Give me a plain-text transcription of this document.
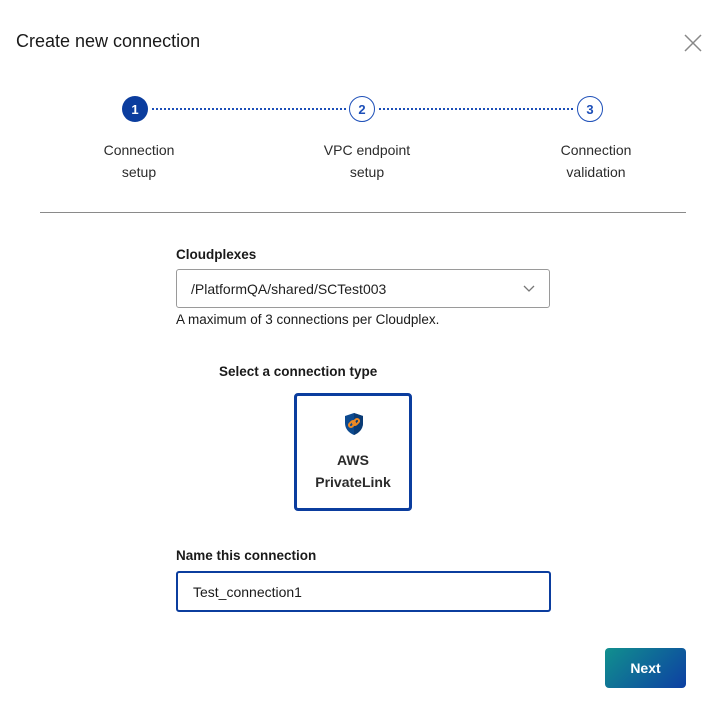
Create new connection
1	2	3
Connection
setup
VPC endpoint
setup
Connection
validation
Cloudplexes
/PlatformQA/shared/SCTest003
A maximum of 3 connections per Cloudplex.
Select a connection type
AWS
PrivateLink
Name this connection
Test_connection1
Next
